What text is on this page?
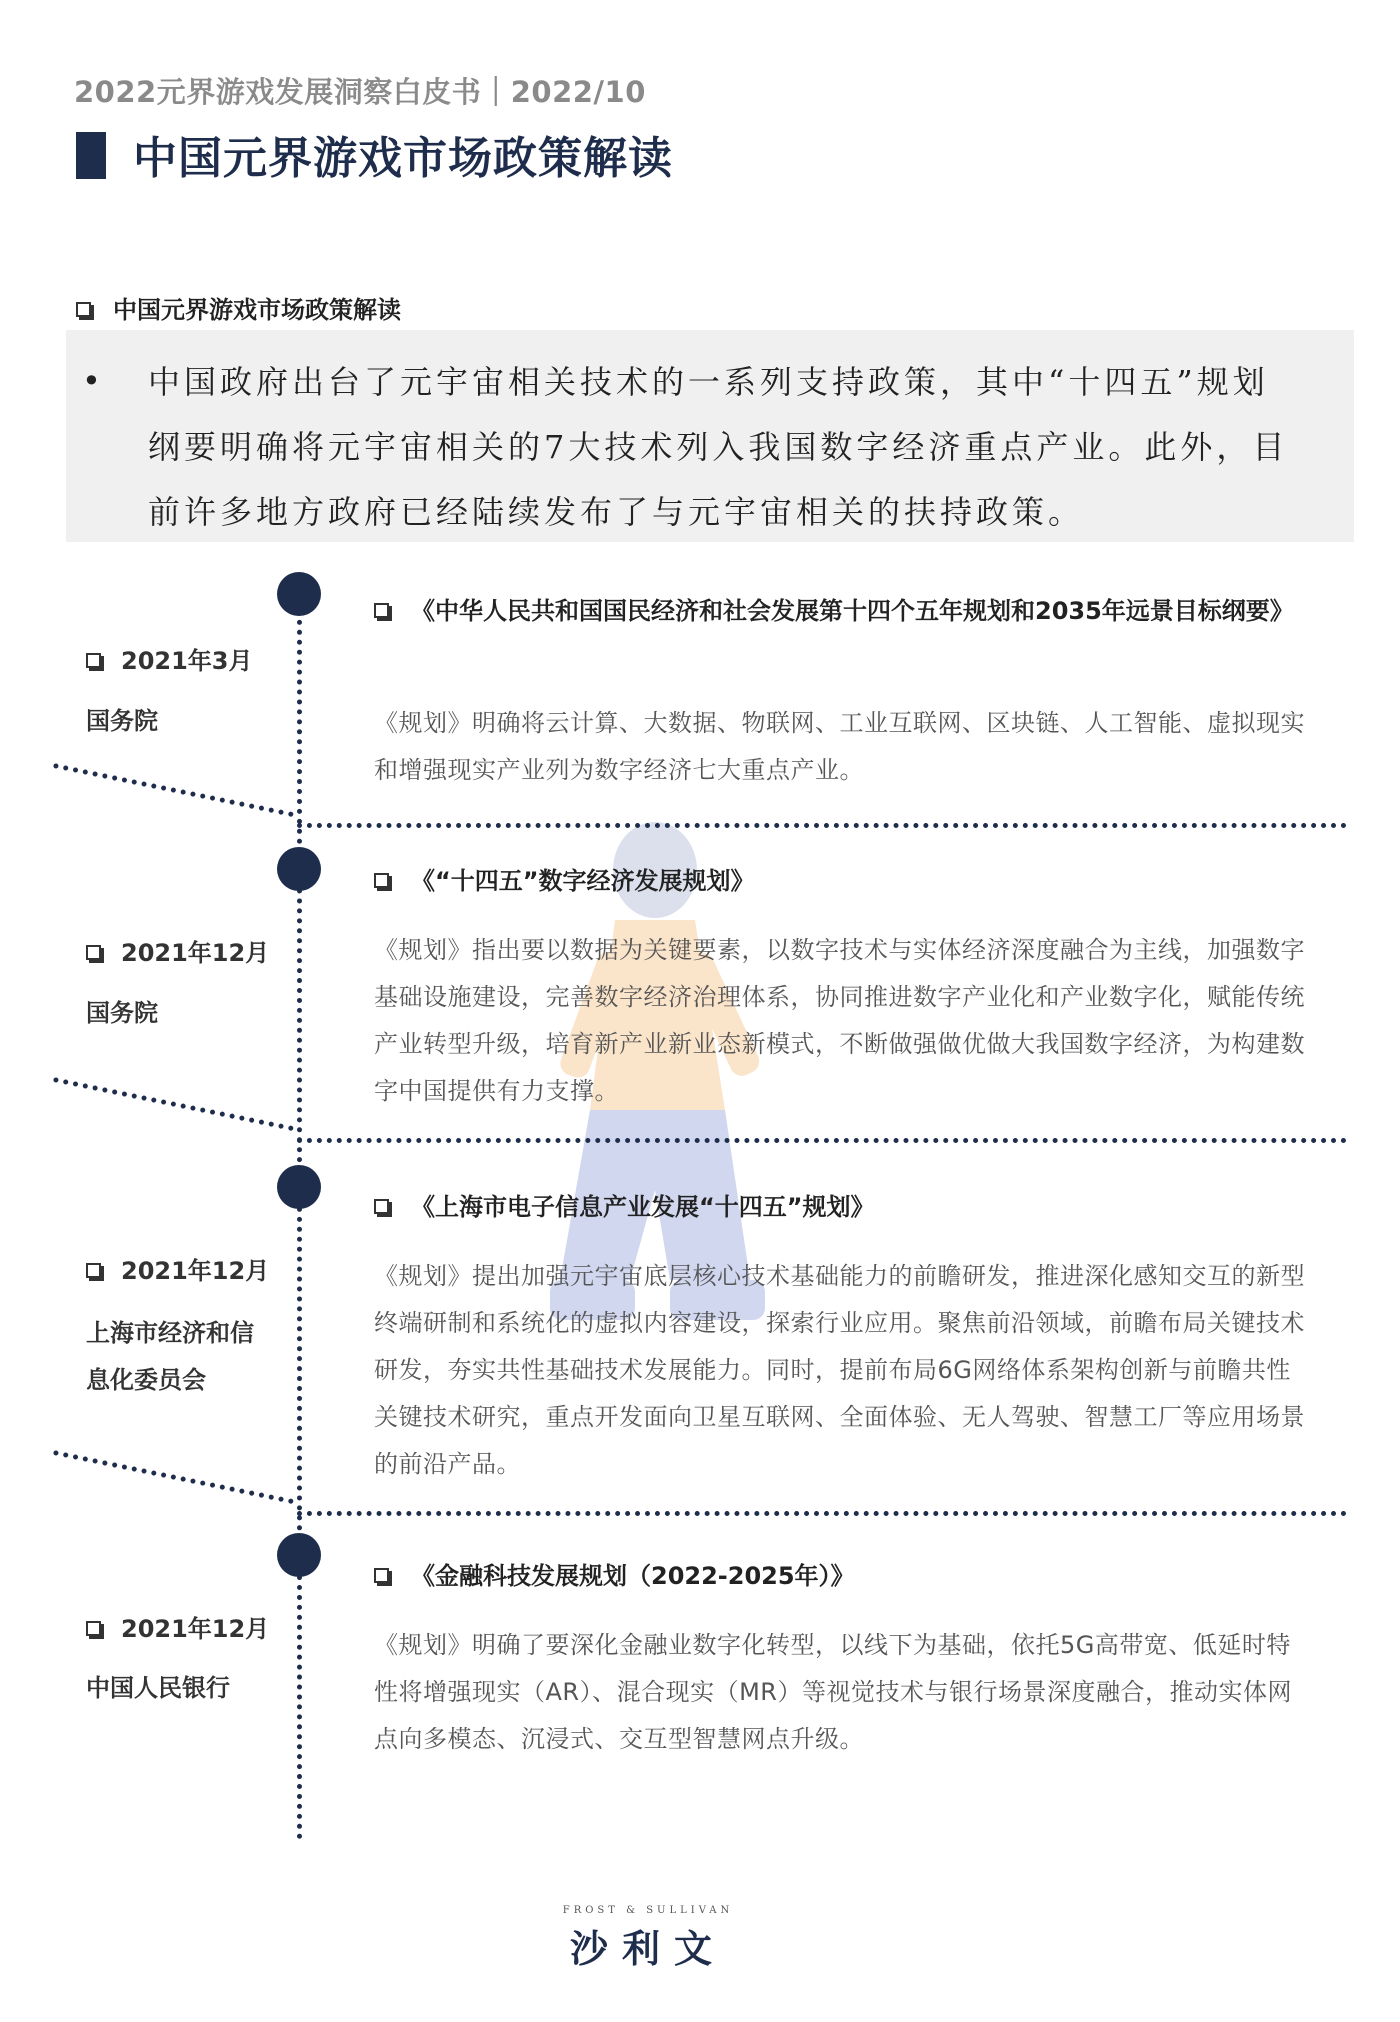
2022元界游戏发展洞察白皮书｜2022/10
中国元界游戏市场政策解读
中国元界游戏市场政策解读
• 中国政府出台了元宇宙相关技术的一系列支持政策，其中“十四五”规划纲要明确将元宇宙相关的7大技术列入我国数字经济重点产业。此外，目前许多地方政府已经陆续发布了与元宇宙相关的扶持政策。
2021年3月
国务院
《中华人民共和国国民经济和社会发展第十四个五年规划和2035年远景目标纲要》
《规划》明确将云计算、大数据、物联网、工业互联网、区块链、人工智能、虚拟现实和增强现实产业列为数字经济七大重点产业。
2021年12月
国务院
《“十四五”数字经济发展规划》
《规划》指出要以数据为关键要素，以数字技术与实体经济深度融合为主线，加强数字基础设施建设，完善数字经济治理体系，协同推进数字产业化和产业数字化，赋能传统产业转型升级，培育新产业新业态新模式，不断做强做优做大我国数字经济，为构建数字中国提供有力支撑。
2021年12月
上海市经济和信息化委员会
《上海市电子信息产业发展“十四五”规划》
《规划》提出加强元宇宙底层核心技术基础能力的前瞻研发，推进深化感知交互的新型终端研制和系统化的虚拟内容建设，探索行业应用。聚焦前沿领域，前瞻布局关键技术研发，夯实共性基础技术发展能力。同时，提前布局6G网络体系架构创新与前瞻共性关键技术研究，重点开发面向卫星互联网、全面体验、无人驾驶、智慧工厂等应用场景的前沿产品。
2021年12月
中国人民银行
《金融科技发展规划（2022-2025年）》
《规划》明确了要深化金融业数字化转型，以线下为基础，依托5G高带宽、低延时特性将增强现实（AR）、混合现实（MR）等视觉技术与银行场景深度融合，推动实体网点向多模态、沉浸式、交互型智慧网点升级。
FROST & SULLIVAN
沙利文
